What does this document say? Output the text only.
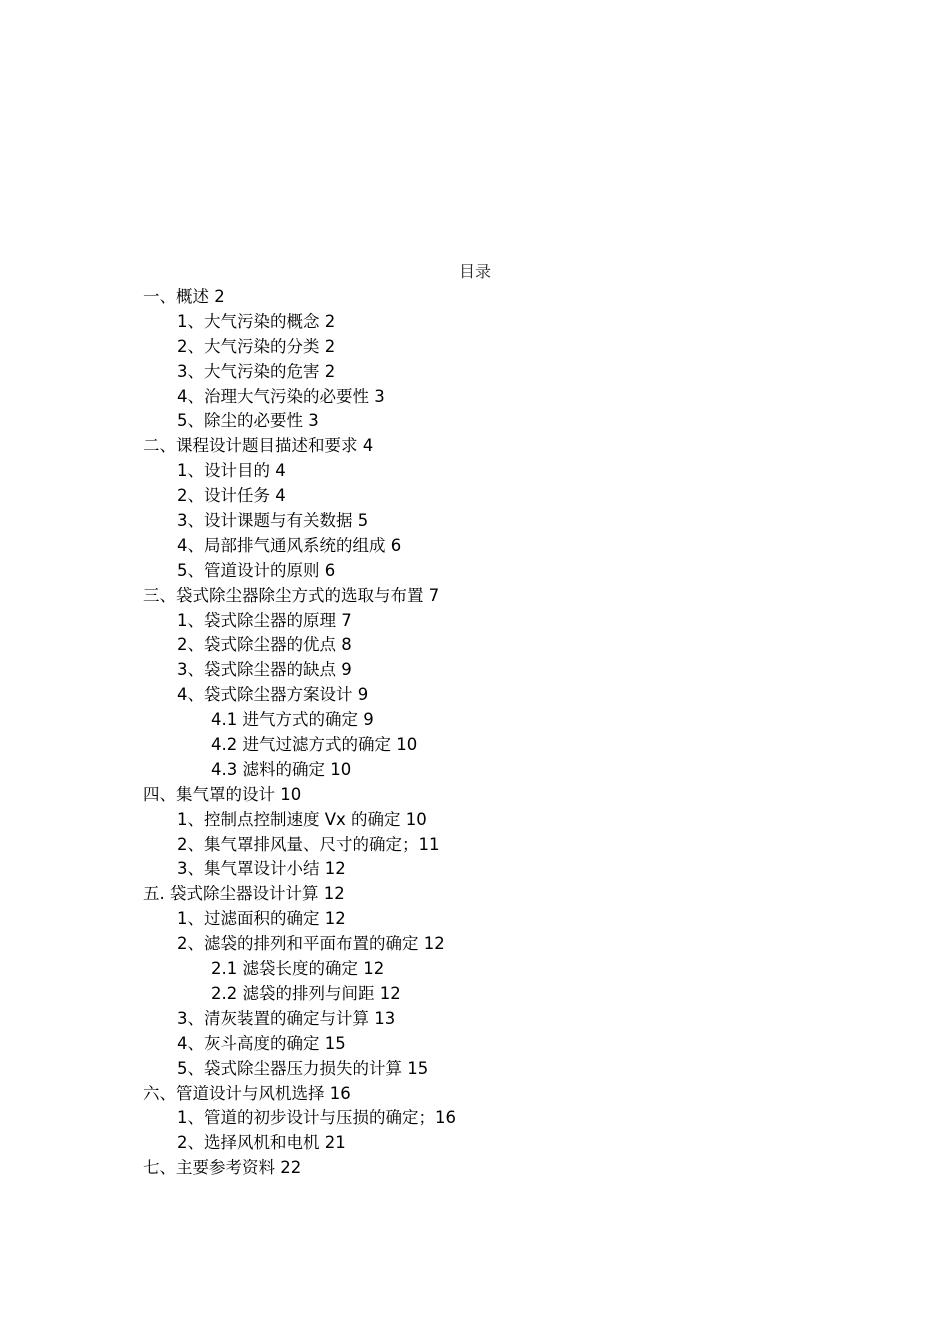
目录
一、概述 2
1、大气污染的概念 2
2、大气污染的分类 2
3、大气污染的危害 2
4、治理大气污染的必要性 3
5、除尘的必要性 3
二、课程设计题目描述和要求 4
1、设计目的 4
2、设计任务 4
3、设计课题与有关数据 5
4、局部排气通风系统的组成 6
5、管道设计的原则 6
三、袋式除尘器除尘方式的选取与布置 7
1、袋式除尘器的原理 7
2、袋式除尘器的优点 8
3、袋式除尘器的缺点 9
4、袋式除尘器方案设计 9
4.1 进气方式的确定 9
4.2 进气过滤方式的确定 10
4.3 滤料的确定 10
四、集气罩的设计 10
1、控制点控制速度 Vx 的确定 10
2、集气罩排风量、尺寸的确定；11
3、集气罩设计小结 12
五. 袋式除尘器设计计算 12
1、过滤面积的确定 12
2、滤袋的排列和平面布置的确定 12
2.1 滤袋长度的确定 12
2.2 滤袋的排列与间距 12
3、清灰装置的确定与计算 13
4、灰斗高度的确定 15
5、袋式除尘器压力损失的计算 15
六、管道设计与风机选择 16
1、管道的初步设计与压损的确定；16
2、选择风机和电机 21
七、主要参考资料 22
